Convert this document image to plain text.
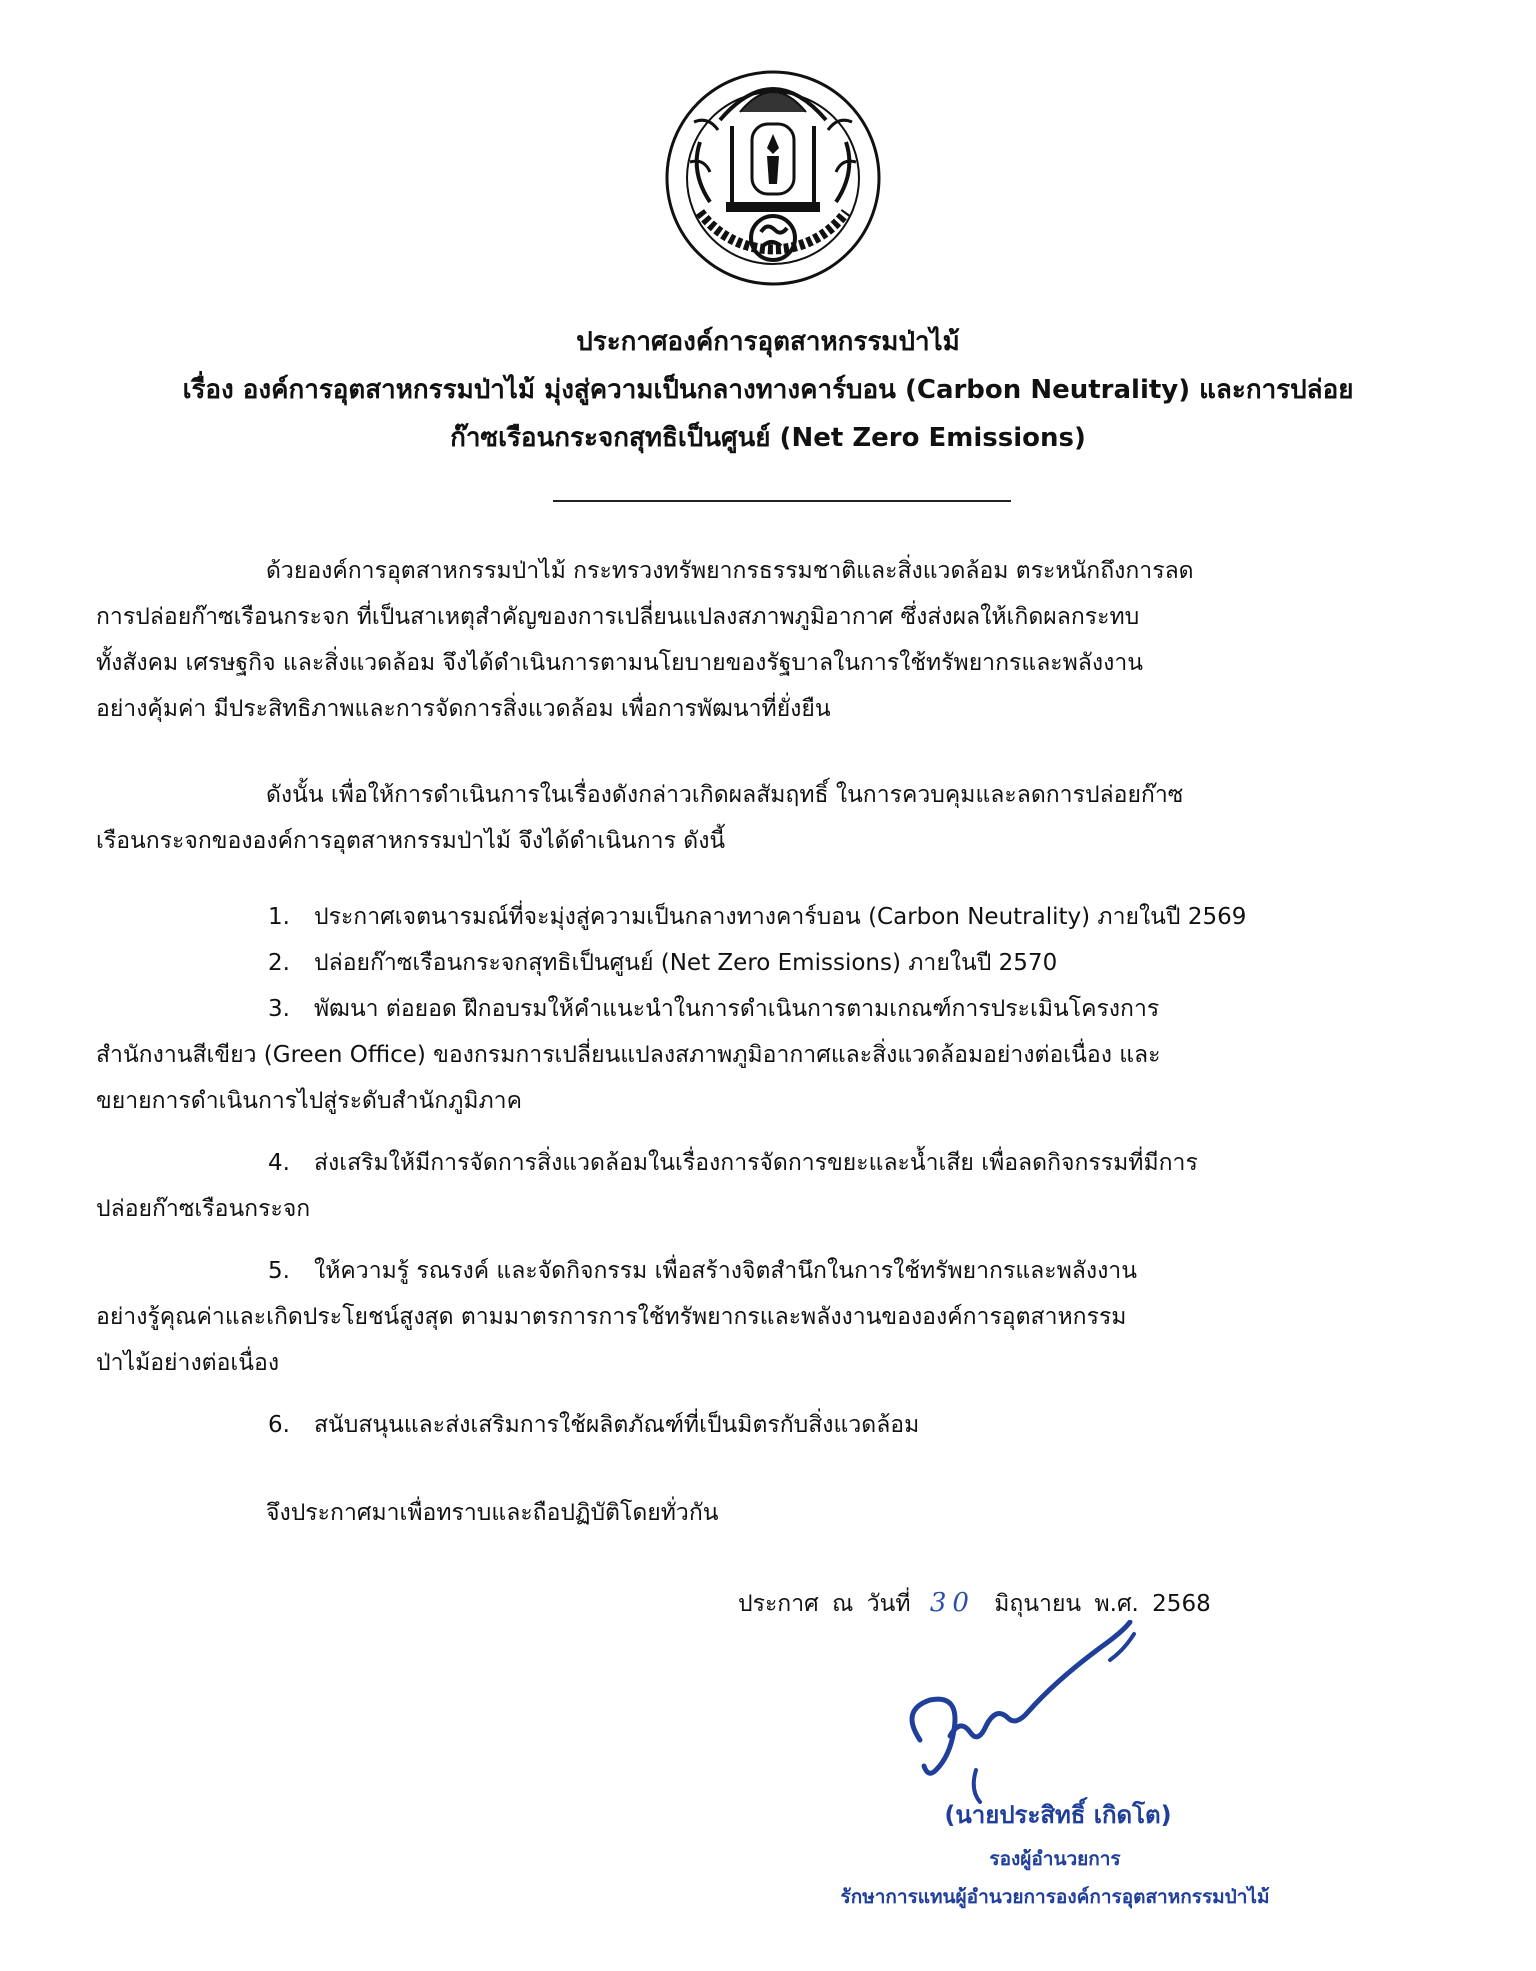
ประกาศองค์การอุตสาหกรรมป่าไม้
เรื่อง องค์การอุตสาหกรรมป่าไม้ มุ่งสู่ความเป็นกลางทางคาร์บอน (Carbon Neutrality) และการปล่อย
ก๊าซเรือนกระจกสุทธิเป็นศูนย์ (Net Zero Emissions)
ด้วยองค์การอุตสาหกรรมป่าไม้ กระทรวงทรัพยากรธรรมชาติและสิ่งแวดล้อม ตระหนักถึงการลด
การปล่อยก๊าซเรือนกระจก ที่เป็นสาเหตุสำคัญของการเปลี่ยนแปลงสภาพภูมิอากาศ ซึ่งส่งผลให้เกิดผลกระทบ
ทั้งสังคม เศรษฐกิจ และสิ่งแวดล้อม จึงได้ดำเนินการตามนโยบายของรัฐบาลในการใช้ทรัพยากรและพลังงาน
อย่างคุ้มค่า มีประสิทธิภาพและการจัดการสิ่งแวดล้อม เพื่อการพัฒนาที่ยั่งยืน
ดังนั้น เพื่อให้การดำเนินการในเรื่องดังกล่าวเกิดผลสัมฤทธิ์ ในการควบคุมและลดการปล่อยก๊าซ
เรือนกระจกขององค์การอุตสาหกรรมป่าไม้ จึงได้ดำเนินการ ดังนี้
1. ประกาศเจตนารมณ์ที่จะมุ่งสู่ความเป็นกลางทางคาร์บอน (Carbon Neutrality) ภายในปี 2569
2. ปล่อยก๊าซเรือนกระจกสุทธิเป็นศูนย์ (Net Zero Emissions) ภายในปี 2570
3. พัฒนา ต่อยอด ฝึกอบรมให้คำแนะนำในการดำเนินการตามเกณฑ์การประเมินโครงการ
สำนักงานสีเขียว (Green Office) ของกรมการเปลี่ยนแปลงสภาพภูมิอากาศและสิ่งแวดล้อมอย่างต่อเนื่อง และ
ขยายการดำเนินการไปสู่ระดับสำนักภูมิภาค
4. ส่งเสริมให้มีการจัดการสิ่งแวดล้อมในเรื่องการจัดการขยะและน้ำเสีย เพื่อลดกิจกรรมที่มีการ
ปล่อยก๊าซเรือนกระจก
5. ให้ความรู้ รณรงค์ และจัดกิจกรรม เพื่อสร้างจิตสำนึกในการใช้ทรัพยากรและพลังงาน
อย่างรู้คุณค่าและเกิดประโยชน์สูงสุด ตามมาตรการการใช้ทรัพยากรและพลังงานขององค์การอุตสาหกรรม
ป่าไม้อย่างต่อเนื่อง
6. สนับสนุนและส่งเสริมการใช้ผลิตภัณฑ์ที่เป็นมิตรกับสิ่งแวดล้อม
จึงประกาศมาเพื่อทราบและถือปฏิบัติโดยทั่วกัน
ประกาศ ณ วันที่ 30 มิถุนายน พ.ศ. 2568
(นายประสิทธิ์ เกิดโต)
รองผู้อำนวยการ
รักษาการแทนผู้อำนวยการองค์การอุตสาหกรรมป่าไม้
